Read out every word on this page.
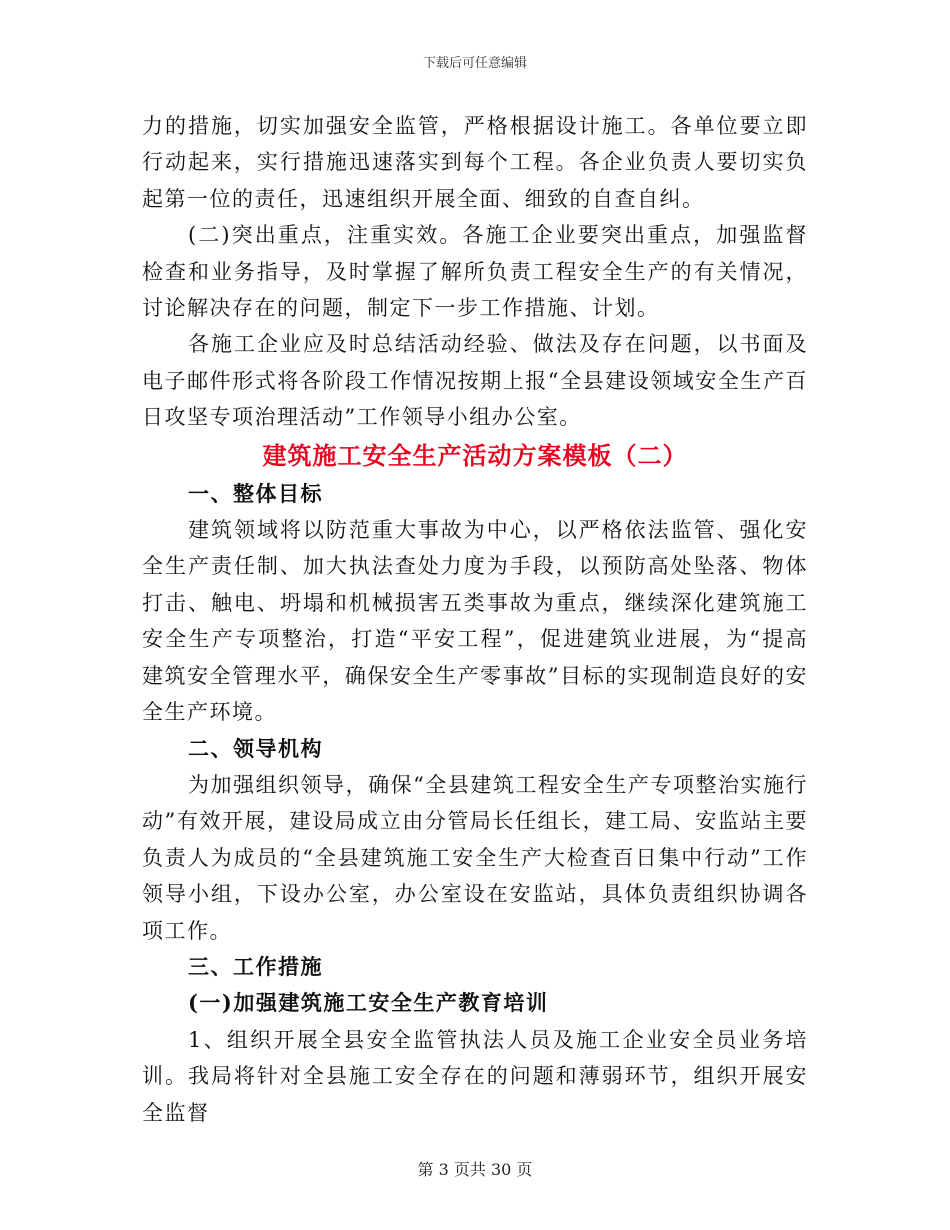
下载后可任意编辑

力的措施，切实加强安全监管，严格根据设计施工。各单位要立即行动起来，实行措施迅速落实到每个工程。各企业负责人要切实负起第一位的责任，迅速组织开展全面、细致的自查自纠。

(二)突出重点，注重实效。各施工企业要突出重点，加强监督检查和业务指导，及时掌握了解所负责工程安全生产的有关情况，讨论解决存在的问题，制定下一步工作措施、计划。

各施工企业应及时总结活动经验、做法及存在问题，以书面及电子邮件形式将各阶段工作情况按期上报“全县建设领域安全生产百日攻坚专项治理活动”工作领导小组办公室。

建筑施工安全生产活动方案模板（二）

一、整体目标

建筑领域将以防范重大事故为中心，以严格依法监管、强化安全生产责任制、加大执法查处力度为手段，以预防高处坠落、物体打击、触电、坍塌和机械损害五类事故为重点，继续深化建筑施工安全生产专项整治，打造“平安工程”，促进建筑业进展，为“提高建筑安全管理水平，确保安全生产零事故”目标的实现制造良好的安全生产环境。

二、领导机构

为加强组织领导，确保“全县建筑工程安全生产专项整治实施行动”有效开展，建设局成立由分管局长任组长，建工局、安监站主要负责人为成员的“全县建筑施工安全生产大检查百日集中行动”工作领导小组，下设办公室，办公室设在安监站，具体负责组织协调各项工作。

三、工作措施

(一)加强建筑施工安全生产教育培训

1、组织开展全县安全监管执法人员及施工企业安全员业务培训。我局将针对全县施工安全存在的问题和薄弱环节，组织开展安全监督

第 3 页共 30 页
